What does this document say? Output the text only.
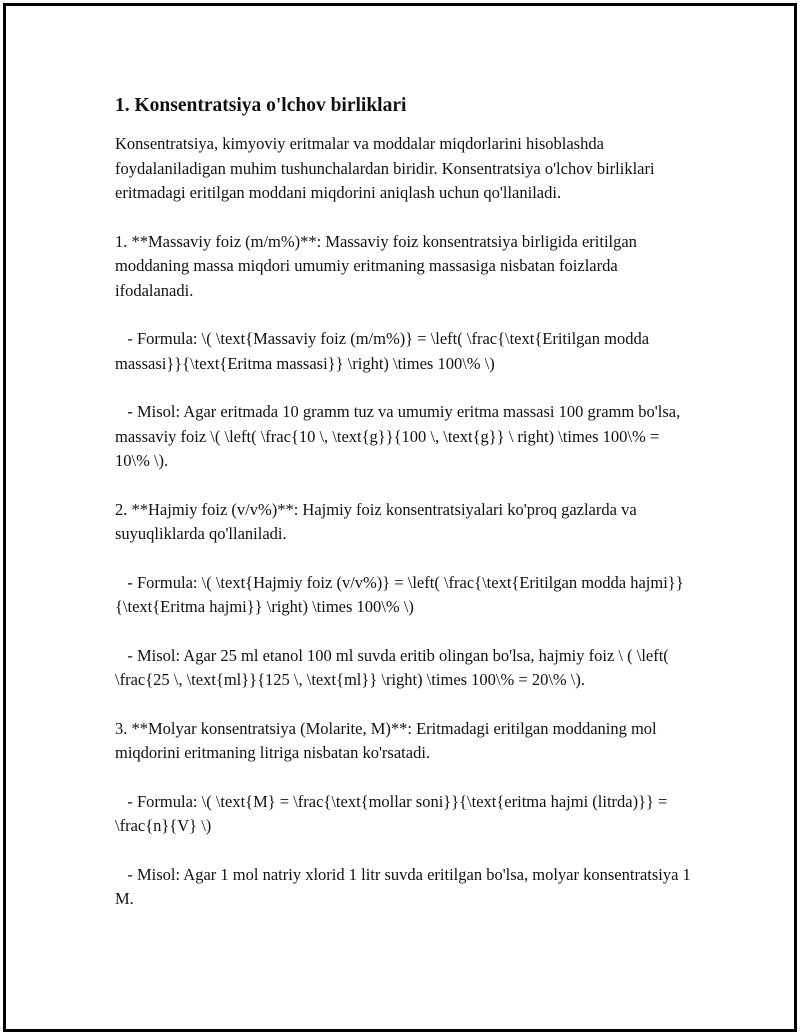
1. Konsentratsiya o'lchov birliklari

Konsentratsiya, kimyoviy eritmalar va moddalar miqdorlarini hisoblashda foydalaniladigan muhim tushunchalardan biridir. Konsentratsiya o'lchov birliklari eritmadagi eritilgan moddani miqdorini aniqlash uchun qo'llaniladi.

1. **Massaviy foiz (m/m%)**: Massaviy foiz konsentratsiya birligida eritilgan moddaning massa miqdori umumiy eritmaning massasiga nisbatan foizlarda ifodalanadi.

- Formula: \( \text{Massaviy foiz (m/m%)} = \left( \frac{\text{Eritilgan modda massasi}}{\text{Eritma massasi}} \right) \times 100\% \)

- Misol: Agar eritmada 10 gramm tuz va umumiy eritma massasi 100 gramm bo'lsa, massaviy foiz \( \left( \frac{10 \, \text{g}}{100 \, \text{g}} \ right) \times 100\% = 10\% \).

2. **Hajmiy foiz (v/v%)**: Hajmiy foiz konsentratsiyalari ko'proq gazlarda va suyuqliklarda qo'llaniladi.

- Formula: \( \text{Hajmiy foiz (v/v%)} = \left( \frac{\text{Eritilgan modda hajmi}}{\text{Eritma hajmi}} \right) \times 100\% \)

- Misol: Agar 25 ml etanol 100 ml suvda eritib olingan bo'lsa, hajmiy foiz \ ( \left( \frac{25 \, \text{ml}}{125 \, \text{ml}} \right) \times 100\% = 20\% \).

3. **Molyar konsentratsiya (Molarite, M)**: Eritmadagi eritilgan moddaning mol miqdorini eritmaning litriga nisbatan ko'rsatadi.

- Formula: \( \text{M} = \frac{\text{mollar soni}}{\text{eritma hajmi (litrda)}} = \frac{n}{V} \)

- Misol: Agar 1 mol natriy xlorid 1 litr suvda eritilgan bo'lsa, molyar konsentratsiya 1 M.
